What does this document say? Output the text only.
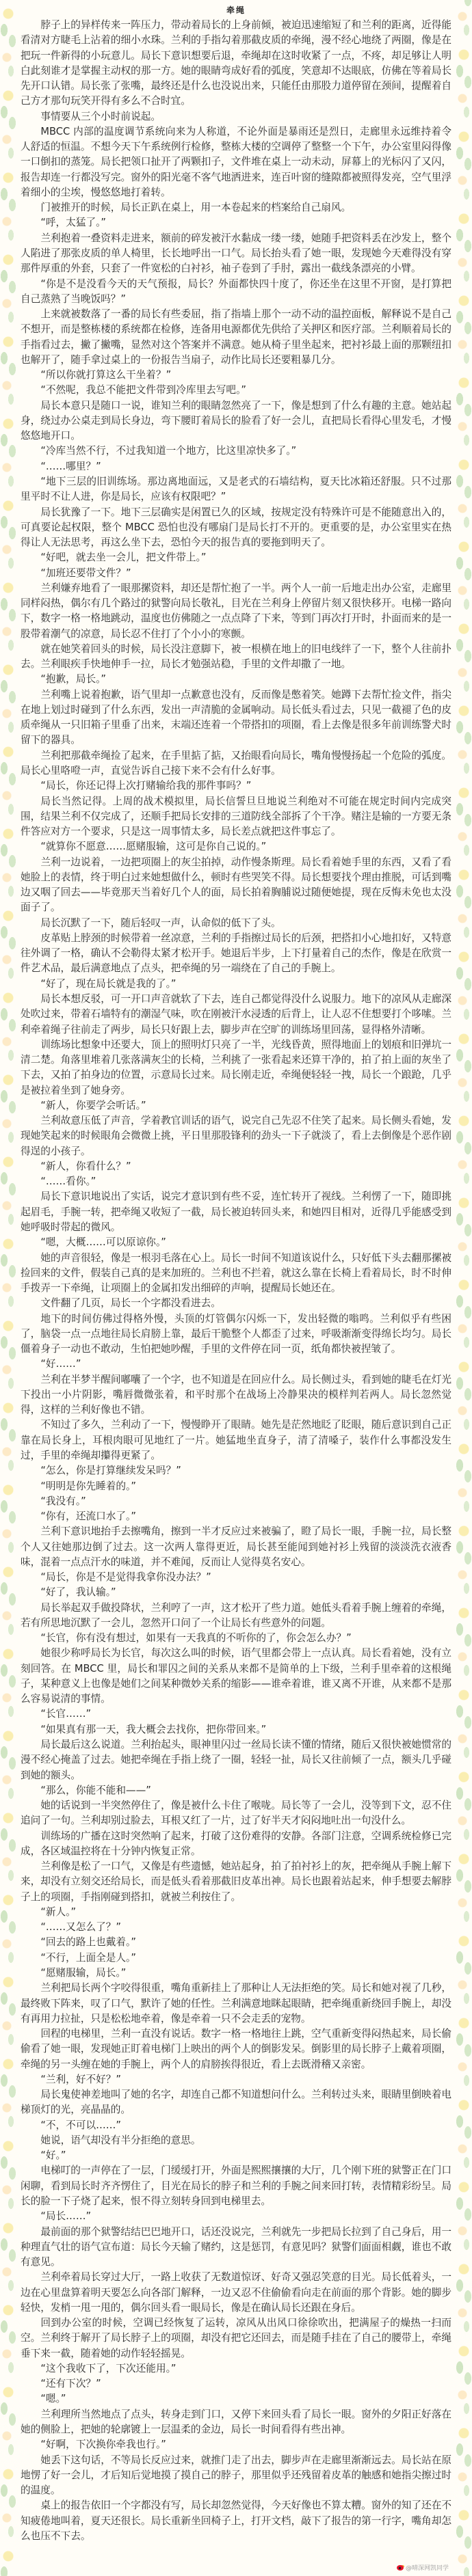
牵绳

脖子上的异样传来一阵压力，带动着局长的上身前倾，被迫迅速缩短了和兰利的距离，近得能看清对方睫毛上沾着的细小水珠。兰利的手指勾着那截皮质的牵绳，漫不经心地绕了两圈，像是在把玩一件新得的小玩意儿。局长下意识想要后退，牵绳却在这时收紧了一点，不疼，却足够让人明白此刻谁才是掌握主动权的那一方。她的眼睛弯成好看的弧度，笑意却不达眼底，仿佛在等着局长先开口认错。局长张了张嘴，最终还是什么也没说出来，只能任由那股力道停留在颈间，提醒着自己方才那句玩笑开得有多么不合时宜。

事情要从三个小时前说起。

MBCC 内部的温度调节系统向来为人称道，不论外面是暴雨还是烈日，走廊里永远维持着令人舒适的恒温。不想今天下午系统例行检修，整栋大楼的空调停了整整一个下午，办公室里闷得像一口倒扣的蒸笼。局长把领口扯开了两颗扣子，文件堆在桌上一动未动，屏幕上的光标闪了又闪，报告却连一行都没写完。窗外的阳光毫不客气地洒进来，连百叶窗的缝隙都被照得发亮，空气里浮着细小的尘埃，慢悠悠地打着转。

门被推开的时候，局长正趴在桌上，用一本卷起来的档案给自己扇风。

“呼，太猛了。”

兰利抱着一叠资料走进来，额前的碎发被汗水黏成一缕一缕，她随手把资料丢在沙发上，整个人陷进了那张皮质的单人椅里，长长地呼出一口气。局长抬头看了她一眼，发现她今天难得没有穿那件厚重的外套，只套了一件宽松的白衬衫，袖子卷到了手肘，露出一截线条漂亮的小臂。

“你是不是没看今天的天气预报，局长？外面都快四十度了，你还坐在这里不开窗，是打算把自己蒸熟了当晚饭吗？”

上来就被数落了一番的局长有些委屈，指了指墙上那个一动不动的温控面板，解释说不是自己不想开，而是整栋楼的系统都在检修，连备用电源都优先供给了关押区和医疗部。兰利顺着局长的手指看过去，撇了撇嘴，显然对这个答案并不满意。她从椅子里坐起来，把衬衫最上面的那颗纽扣也解开了，随手拿过桌上的一份报告当扇子，动作比局长还要粗暴几分。

“所以你就打算这么干坐着？”

“不然呢，我总不能把文件带到冷库里去写吧。”

局长本意只是随口一说，谁知兰利的眼睛忽然亮了一下，像是想到了什么有趣的主意。她站起身，绕过办公桌走到局长身边，弯下腰盯着局长的脸看了好一会儿，直把局长看得心里发毛，才慢悠悠地开口。

“冷库当然不行，不过我知道一个地方，比这里凉快多了。”

“……哪里？”

“地下三层的旧训练场。那边离地面远，又是老式的石墙结构，夏天比冰箱还舒服。只不过那里平时不让人进，你是局长，应该有权限吧？”

局长犹豫了一下。地下三层确实是闲置已久的区域，按规定没有特殊许可是不能随意出入的，可真要论起权限，整个 MBCC 恐怕也没有哪扇门是局长打不开的。更重要的是，办公室里实在热得让人无法思考，再这么坐下去，恐怕今天的报告真的要拖到明天了。

“好吧，就去坐一会儿，把文件带上。”

“加班还要带文件？”

兰利嫌弃地看了一眼那摞资料，却还是帮忙抱了一半。两个人一前一后地走出办公室，走廊里同样闷热，偶尔有几个路过的狱警向局长敬礼，目光在兰利身上停留片刻又很快移开。电梯一路向下，数字一格一格地跳动，温度也仿佛随之一点点降了下来，等到门再次打开时，扑面而来的是一股带着潮气的凉意，局长忍不住打了个小小的寒颤。

就在她笑着回头的时候，局长没注意脚下，被一根横在地上的旧电线绊了一下，整个人往前扑去。兰利眼疾手快地伸手一拉，局长才勉强站稳，手里的文件却撒了一地。

“抱歉，局长。”

兰利嘴上说着抱歉，语气里却一点歉意也没有，反而像是憋着笑。她蹲下去帮忙捡文件，指尖在地上划过时碰到了什么东西，发出一声清脆的金属响动。局长低头看过去，只见一截褪了色的皮质牵绳从一只旧箱子里垂了出来，末端还连着一个带搭扣的项圈，看上去像是很多年前训练警犬时留下的器具。

兰利把那截牵绳捡了起来，在手里掂了掂，又抬眼看向局长，嘴角慢慢扬起一个危险的弧度。局长心里咯噔一声，直觉告诉自己接下来不会有什么好事。

“局长，你还记得上次打赌输给我的那件事吗？”

局长当然记得。上周的战术模拟里，局长信誓旦旦地说兰利绝对不可能在规定时间内完成突围，结果兰利不仅完成了，还顺手把局长安排的三道防线全部拆了个干净。赌注是输的一方要无条件答应对方一个要求，只是这一周事情太多，局长差点就把这件事忘了。

“就算你不愿意……愿赌服输，这可是你自己说的。”

兰利一边说着，一边把项圈上的灰尘拍掉，动作慢条斯理。局长看着她手里的东西，又看了看她脸上的表情，终于明白过来她想做什么，顿时有些哭笑不得。局长想要找个理由推脱，可话到嘴边又咽了回去——毕竟那天当着好几个人的面，局长拍着胸脯说过随便她提，现在反悔未免也太没面子了。

局长沉默了一下，随后轻叹一声，认命似的低下了头。

皮革贴上脖颈的时候带着一丝凉意，兰利的手指擦过局长的后颈，把搭扣小心地扣好，又特意往外调了一格，确认不会勒得太紧才松开手。她退后半步，上下打量着自己的杰作，像是在欣赏一件艺术品，最后满意地点了点头，把牵绳的另一端绕在了自己的手腕上。

“好了，现在局长就是我的了。”

局长本想反驳，可一开口声音就软了下去，连自己都觉得没什么说服力。地下的凉风从走廊深处吹过来，带着石墙特有的潮湿气味，吹在刚被汗水浸透的后背上，让人忍不住想要打个哆嗦。兰利牵着绳子往前走了两步，局长只好跟上去，脚步声在空旷的训练场里回荡，显得格外清晰。

训练场比想象中还要大，顶上的照明灯只亮了一半，光线昏黄，照得地面上的划痕和旧弹坑一清二楚。角落里堆着几张落满灰尘的长椅，兰利挑了一张看起来还算干净的，拍了拍上面的灰坐了下去，又拍了拍身边的位置，示意局长过来。局长刚走近，牵绳便轻轻一拽，局长一个踉跄，几乎是被拉着坐到了她身旁。

“新人，你要学会听话。”

兰利故意压低了声音，学着教官训话的语气，说完自己先忍不住笑了起来。局长侧头看她，发现她笑起来的时候眼角会微微上挑，平日里那股锋利的劲头一下子就淡了，看上去倒像是个恶作剧得逞的小孩子。

“新人，你看什么？”

“……看你。”

局长下意识地说出了实话，说完才意识到有些不妥，连忙转开了视线。兰利愣了一下，随即挑起眉毛，手腕一转，把牵绳又收短了一截，局长被迫转回头来，和她四目相对，近得几乎能感受到她呼吸时带起的微风。

“嗯，大概……可以原谅你。”

她的声音很轻，像是一根羽毛落在心上。局长一时间不知道该说什么，只好低下头去翻那摞被捡回来的文件，假装自己真的是来加班的。兰利也不拦着，就这么靠在长椅上看着局长，时不时伸手拨弄一下牵绳，让项圈上的金属扣发出细碎的声响，提醒局长她还在。

文件翻了几页，局长一个字都没看进去。

地下的时间仿佛过得格外慢，头顶的灯管偶尔闪烁一下，发出轻微的嗡鸣。兰利似乎有些困了，脑袋一点一点地往局长肩膀上靠，最后干脆整个人都歪了过来，呼吸渐渐变得绵长均匀。局长僵着身子一动也不敢动，生怕把她吵醒，手里的文件停在同一页，纸角都快被捏皱了。

“好……”

兰利在半梦半醒间嘟囔了一个字，也不知道是在回应什么。局长侧过头，看到她的睫毛在灯光下投出一小片阴影，嘴唇微微张着，和平时那个在战场上冷静果决的模样判若两人。局长忽然觉得，这样的兰利好像也不错。

不知过了多久，兰利动了一下，慢慢睁开了眼睛。她先是茫然地眨了眨眼，随后意识到自己正靠在局长身上，耳根肉眼可见地红了一片。她猛地坐直身子，清了清嗓子，装作什么事都没发生过，手里的牵绳却攥得更紧了。

“怎么，你是打算继续发呆吗？”

“明明是你先睡着的。”

“我没有。”

“你有，还流口水了。”

兰利下意识地抬手去擦嘴角，擦到一半才反应过来被骗了，瞪了局长一眼，手腕一拉，局长整个人又往她那边倒了过去。这一次两人靠得更近，局长甚至能闻到她衬衫上残留的淡淡洗衣液香味，混着一点点汗水的味道，并不难闻，反而让人觉得莫名安心。

“局长，你是不是觉得我拿你没办法？”

“好了，我认输。”

局长举起双手做投降状，兰利哼了一声，这才松开了些力道。她低头看着手腕上缠着的牵绳，若有所思地沉默了一会儿，忽然开口问了一个让局长有些意外的问题。

“长官，你有没有想过，如果有一天我真的不听你的了，你会怎么办？”

她很少称呼局长为长官，每次这么叫的时候，语气里都会带上一点认真。局长看着她，没有立刻回答。在 MBCC 里，局长和罪囚之间的关系从来都不是简单的上下级，兰利手里牵着的这根绳子，某种意义上也像是她们之间某种微妙关系的缩影——谁牵着谁，谁又离不开谁，从来都不是那么容易说清的事情。

“长官……”

“如果真有那一天，我大概会去找你，把你带回来。”

局长最后这么说道。兰利抬起头，眼神里闪过一丝局长读不懂的情绪，随后又很快被她惯常的漫不经心掩盖了过去。她把牵绳在手指上绕了一圈，轻轻一扯，局长又往前倾了一点，额头几乎碰到她的额头。

“那么，你能不能和——”

她的话说到一半突然停住了，像是被什么卡住了喉咙。局长等了一会儿，没等到下文，忍不住追问了一句。兰利却别过脸去，耳根又红了一片，过了好半天才闷闷地吐出一句没什么。

训练场的广播在这时突然响了起来，打破了这份难得的安静。各部门注意，空调系统检修已完成，各区域温控将在十分钟内恢复正常。

兰利像是松了一口气，又像是有些遗憾，她站起身，拍了拍衬衫上的灰，把牵绳从手腕上解下来，却没有立刻交还给局长，而是低头看着那截旧皮革出神。局长也跟着站起来，伸手想要去解脖子上的项圈，手指刚碰到搭扣，就被兰利按住了。

“新人。”

“……又怎么了？”

“回去的路上也戴着。”

“不行，上面全是人。”

“愿赌服输，局长。”

兰利把局长两个字咬得很重，嘴角重新挂上了那种让人无法拒绝的笑。局长和她对视了几秒，最终败下阵来，叹了口气，默许了她的任性。兰利满意地眯起眼睛，把牵绳重新绕回手腕上，却没有再用力拉扯，只是松松地牵着，像是牵着一只不会走丢的宠物。

回程的电梯里，兰利一直没有说话。数字一格一格地往上跳，空气重新变得闷热起来，局长偷偷看了她一眼，发现她正盯着电梯门上映出的两个人的倒影发呆。倒影里的局长脖子上戴着项圈，牵绳的另一头缠在她的手腕上，两个人的肩膀挨得很近，看上去既滑稽又亲密。

“兰利，好不好？”

局长鬼使神差地叫了她的名字，却连自己都不知道想问什么。兰利转过头来，眼睛里倒映着电梯顶灯的光，亮晶晶的。

“不，不可以……”

她说，语气却没有半分拒绝的意思。

“好。”

电梯叮的一声停在了一层，门缓缓打开，外面是熙熙攘攘的大厅，几个刚下班的狱警正在门口闲聊，看到局长时齐齐愣住了，目光在局长的脖子和兰利的手腕之间来回打转，表情精彩纷呈。局长的脸一下子烧了起来，恨不得立刻转身回到电梯里去。

“局长……”

最前面的那个狱警结结巴巴地开口，话还没说完，兰利就先一步把局长拉到了自己身后，用一种理直气壮的语气宣布道：局长今天输了赌约，这是惩罚，有意见吗？狱警们面面相觑，谁也不敢有意见。

兰利牵着局长穿过大厅，一路上收获了无数道惊讶、好奇又强忍笑意的目光。局长低着头，一边在心里盘算着明天要怎么向各部门解释，一边又忍不住偷偷看向走在前面的那个背影。她的脚步轻快，发梢一甩一甩的，偶尔回头看一眼局长，像是在确认局长还跟在身后。

回到办公室的时候，空调已经恢复了运转，凉风从出风口徐徐吹出，把满屋子的燥热一扫而空。兰利终于解开了局长脖子上的项圈，却没有把它还回去，而是随手挂在了自己的腰带上，牵绳垂下来一截，随着她的动作轻轻摇晃。

“这个我收下了，下次还能用。”

“还有下次？”

“嗯。”

兰利理所当然地点了点头，转身走到门口，又停下来回头看了局长一眼。窗外的夕阳正好落在她的侧脸上，把她的轮廓镀上一层温柔的金边，局长一时间看得有些出神。

“好啊，下次换你牵我也行。”

她丢下这句话，不等局长反应过来，就推门走了出去，脚步声在走廊里渐渐远去。局长站在原地愣了好一会儿，才后知后觉地摸了摸自己的脖子，那里似乎还残留着皮革的触感和她指尖擦过时的温度。

桌上的报告依旧一个字都没有写，局长却忽然觉得，今天好像也不算太糟。窗外的知了还在不知疲倦地叫着，夏天还很长。局长重新坐回椅子上，打开文档，敲下了报告的第一行字，嘴角却怎么也压不下去。

@晴深网凯同学
